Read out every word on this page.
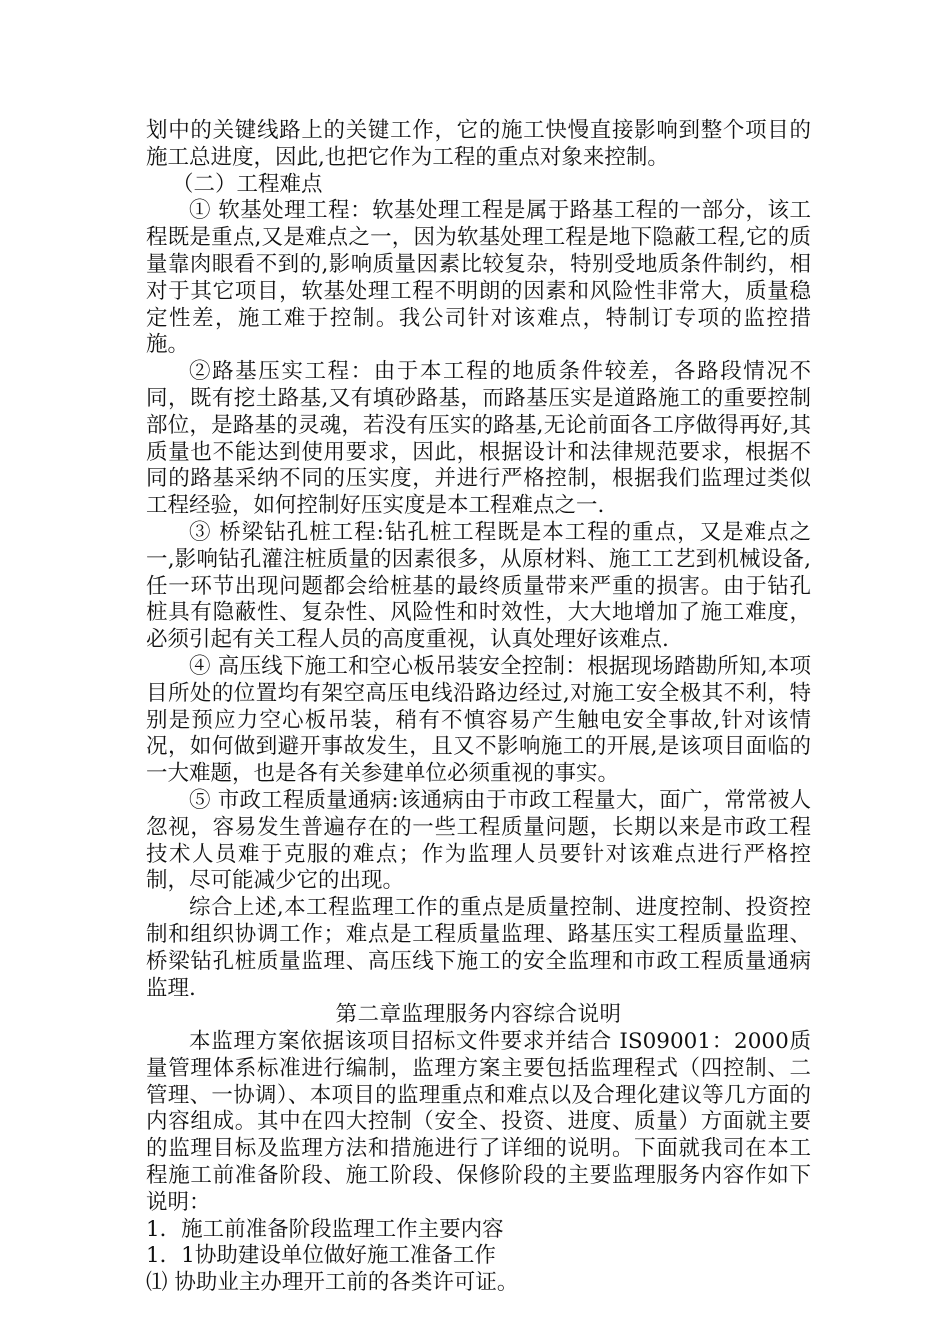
划中的关键线路上的关键工作，它的施工快慢直接影响到整个项目的施工总进度，因此,也把它作为工程的重点对象来控制。

（二）工程难点

① 软基处理工程：软基处理工程是属于路基工程的一部分，该工程既是重点,又是难点之一，因为软基处理工程是地下隐蔽工程,它的质量靠肉眼看不到的,影响质量因素比较复杂，特别受地质条件制约，相对于其它项目，软基处理工程不明朗的因素和风险性非常大，质量稳定性差，施工难于控制。我公司针对该难点，特制订专项的监控措施。

②路基压实工程：由于本工程的地质条件较差，各路段情况不同，既有挖土路基,又有填砂路基，而路基压实是道路施工的重要控制部位，是路基的灵魂，若没有压实的路基,无论前面各工序做得再好,其质量也不能达到使用要求，因此，根据设计和法律规范要求，根据不同的路基采纳不同的压实度，并进行严格控制，根据我们监理过类似工程经验，如何控制好压实度是本工程难点之一.

③ 桥梁钻孔桩工程:钻孔桩工程既是本工程的重点，又是难点之一,影响钻孔灌注桩质量的因素很多，从原材料、施工工艺到机械设备,任一环节出现问题都会给桩基的最终质量带来严重的损害。由于钻孔桩具有隐蔽性、复杂性、风险性和时效性，大大地增加了施工难度，必须引起有关工程人员的高度重视，认真处理好该难点.

④ 高压线下施工和空心板吊装安全控制：根据现场踏勘所知,本项目所处的位置均有架空高压电线沿路边经过,对施工安全极其不利，特别是预应力空心板吊装，稍有不慎容易产生触电安全事故,针对该情况，如何做到避开事故发生，且又不影响施工的开展,是该项目面临的一大难题，也是各有关参建单位必须重视的事实。

⑤ 市政工程质量通病:该通病由于市政工程量大，面广，常常被人忽视，容易发生普遍存在的一些工程质量问题，长期以来是市政工程技术人员难于克服的难点；作为监理人员要针对该难点进行严格控制，尽可能减少它的出现。

综合上述,本工程监理工作的重点是质量控制、进度控制、投资控制和组织协调工作；难点是工程质量监理、路基压实工程质量监理、桥梁钻孔桩质量监理、高压线下施工的安全监理和市政工程质量通病监理.

第二章监理服务内容综合说明

本监理方案依据该项目招标文件要求并结合 IS09001：2000质量管理体系标准进行编制，监理方案主要包括监理程式（四控制、二管理、一协调）、本项目的监理重点和难点以及合理化建议等几方面的内容组成。其中在四大控制（安全、投资、进度、质量）方面就主要的监理目标及监理方法和措施进行了详细的说明。下面就我司在本工程施工前准备阶段、施工阶段、保修阶段的主要监理服务内容作如下说明：

1．施工前准备阶段监理工作主要内容

1．1协助建设单位做好施工准备工作

⑴ 协助业主办理开工前的各类许可证。
